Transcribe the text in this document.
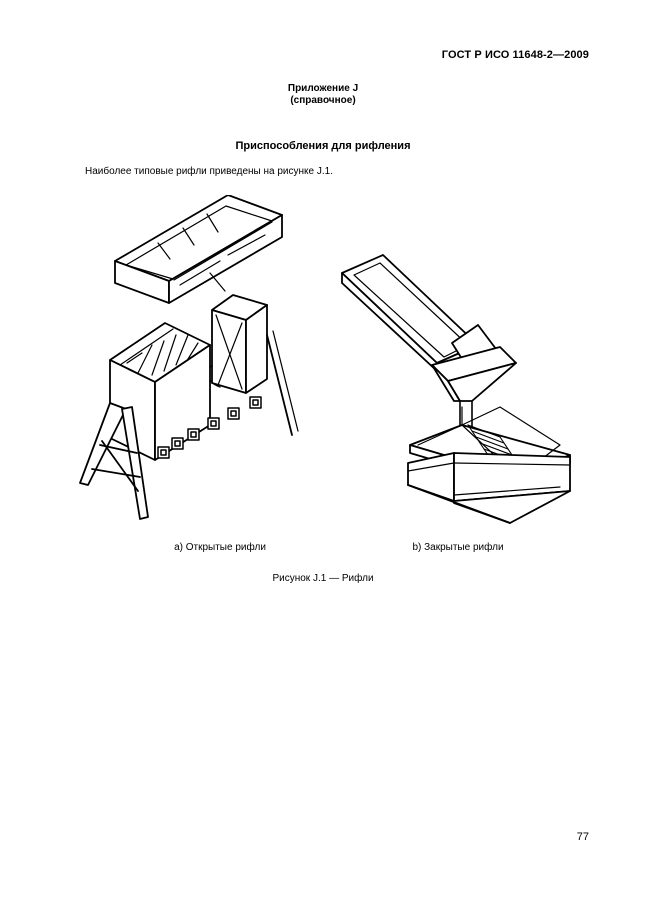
ГОСТ Р ИСО 11648-2—2009
Приложение J
(справочное)
Приспособления для рифления
Наиболее типовые рифли приведены на рисунке J.1.
a) Открытые рифли	b) Закрытые рифли
Рисунок J.1 — Рифли
77
